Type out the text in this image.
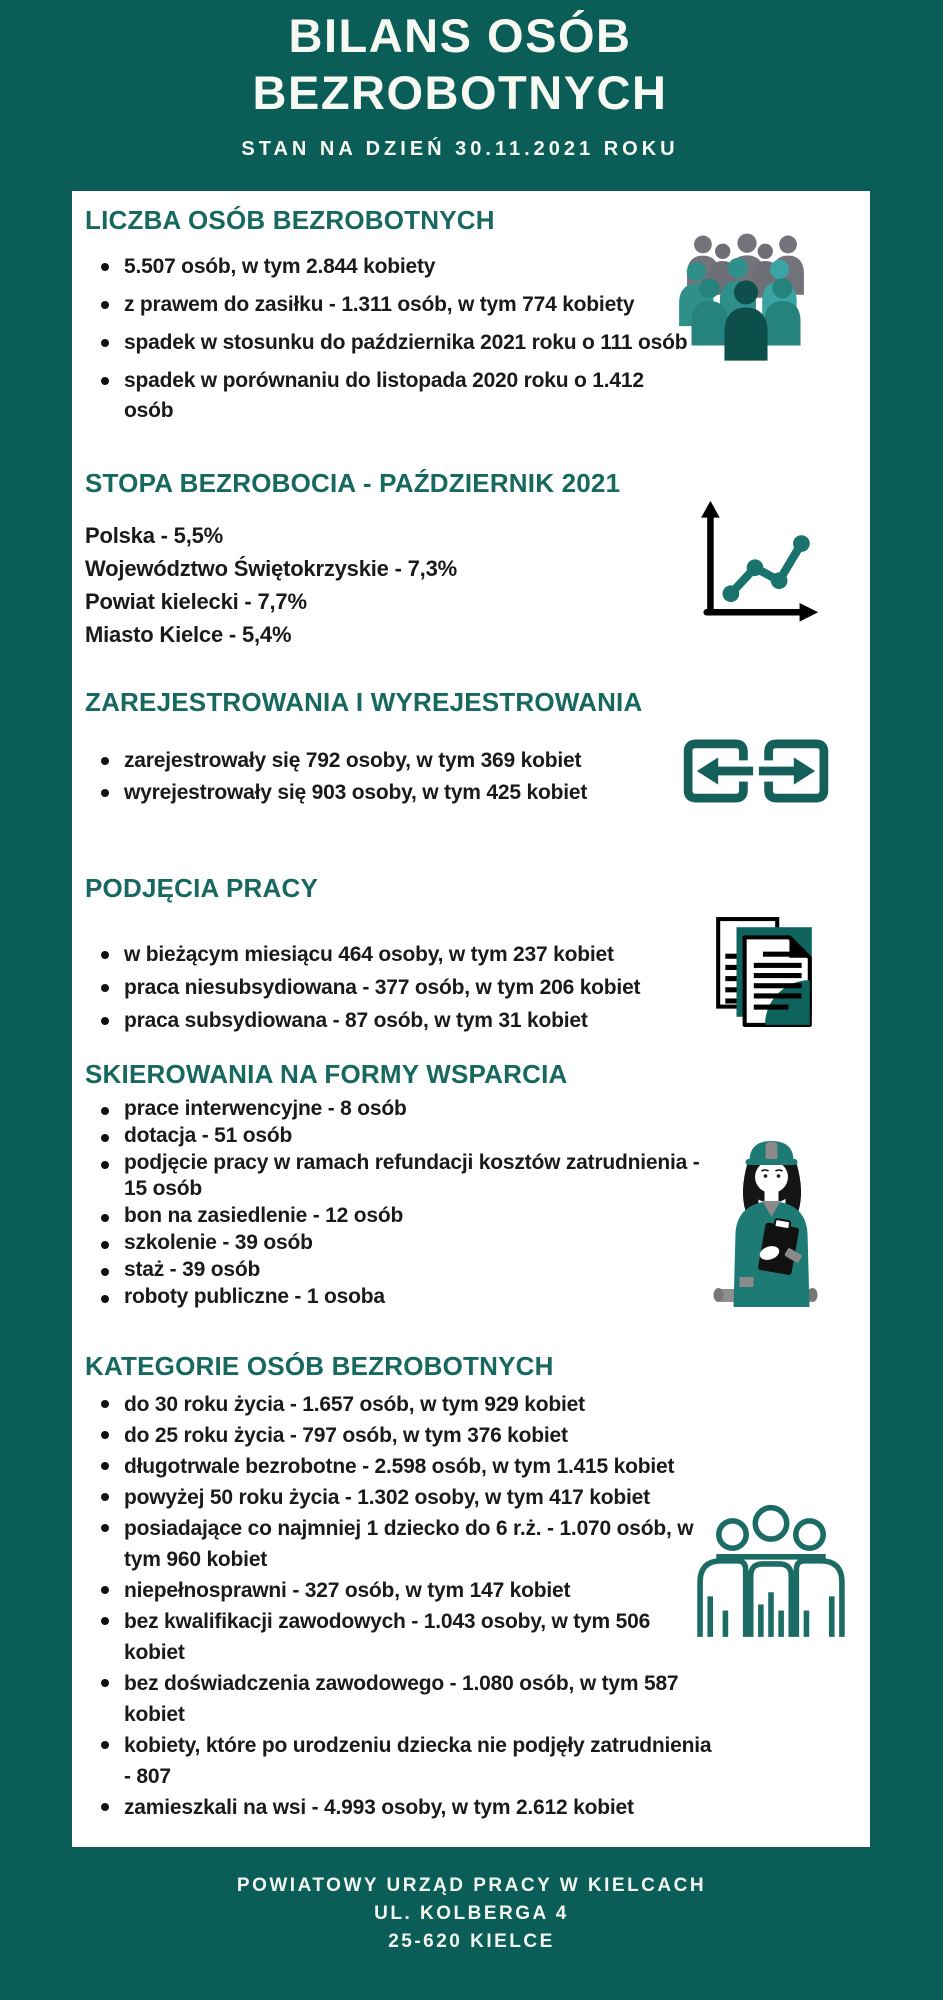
BILANS OSÓB
BEZROBOTNYCH
STAN NA DZIEŃ 30.11.2021 ROKU
LICZBA OSÓB BEZROBOTNYCH
5.507 osób, w tym 2.844 kobiety
z prawem do zasiłku - 1.311 osób, w tym 774 kobiety
spadek w stosunku do października 2021 roku o 111 osób
spadek w porównaniu do listopada 2020 roku o 1.412 osób
STOPA BEZROBOCIA - PAŹDZIERNIK 2021

Polska - 5,5%

Województwo Świętokrzyskie - 7,3%

Powiat kielecki - 7,7%

Miasto Kielce - 5,4%

ZAREJESTROWANIA I WYREJESTROWANIA
zarejestrowały się 792 osoby, w tym 369 kobiet
wyrejestrowały się 903 osoby, w tym 425 kobiet
PODJĘCIA PRACY
w bieżącym miesiącu 464 osoby, w tym 237 kobiet
praca niesubsydiowana - 377 osób, w tym 206 kobiet
praca subsydiowana - 87 osób, w tym 31 kobiet
SKIEROWANIA NA FORMY WSPARCIA
prace interwencyjne - 8 osób
dotacja - 51 osób
podjęcie pracy w ramach refundacji kosztów zatrudnienia - 15 osób
bon na zasiedlenie - 12 osób
szkolenie - 39 osób
staż - 39 osób
roboty publiczne - 1 osoba
KATEGORIE OSÓB BEZROBOTNYCH
do 30 roku życia - 1.657 osób, w tym 929 kobiet
do 25 roku życia - 797 osób, w tym 376 kobiet
długotrwale bezrobotne - 2.598 osób, w tym 1.415 kobiet
powyżej 50 roku życia - 1.302 osoby, w tym 417 kobiet
posiadające co najmniej 1 dziecko do 6 r.ż. - 1.070 osób, w tym 960 kobiet
niepełnosprawni - 327 osób, w tym 147 kobiet
bez kwalifikacji zawodowych - 1.043 osoby, w tym 506 kobiet
bez doświadczenia zawodowego - 1.080 osób, w tym 587 kobiet
kobiety, które po urodzeniu dziecka nie podjęły zatrudnienia - 807
zamieszkali na wsi - 4.993 osoby, w tym 2.612 kobiet

POWIATOWY URZĄD PRACY W KIELCACH

UL. KOLBERGA 4

25-620 KIELCE
